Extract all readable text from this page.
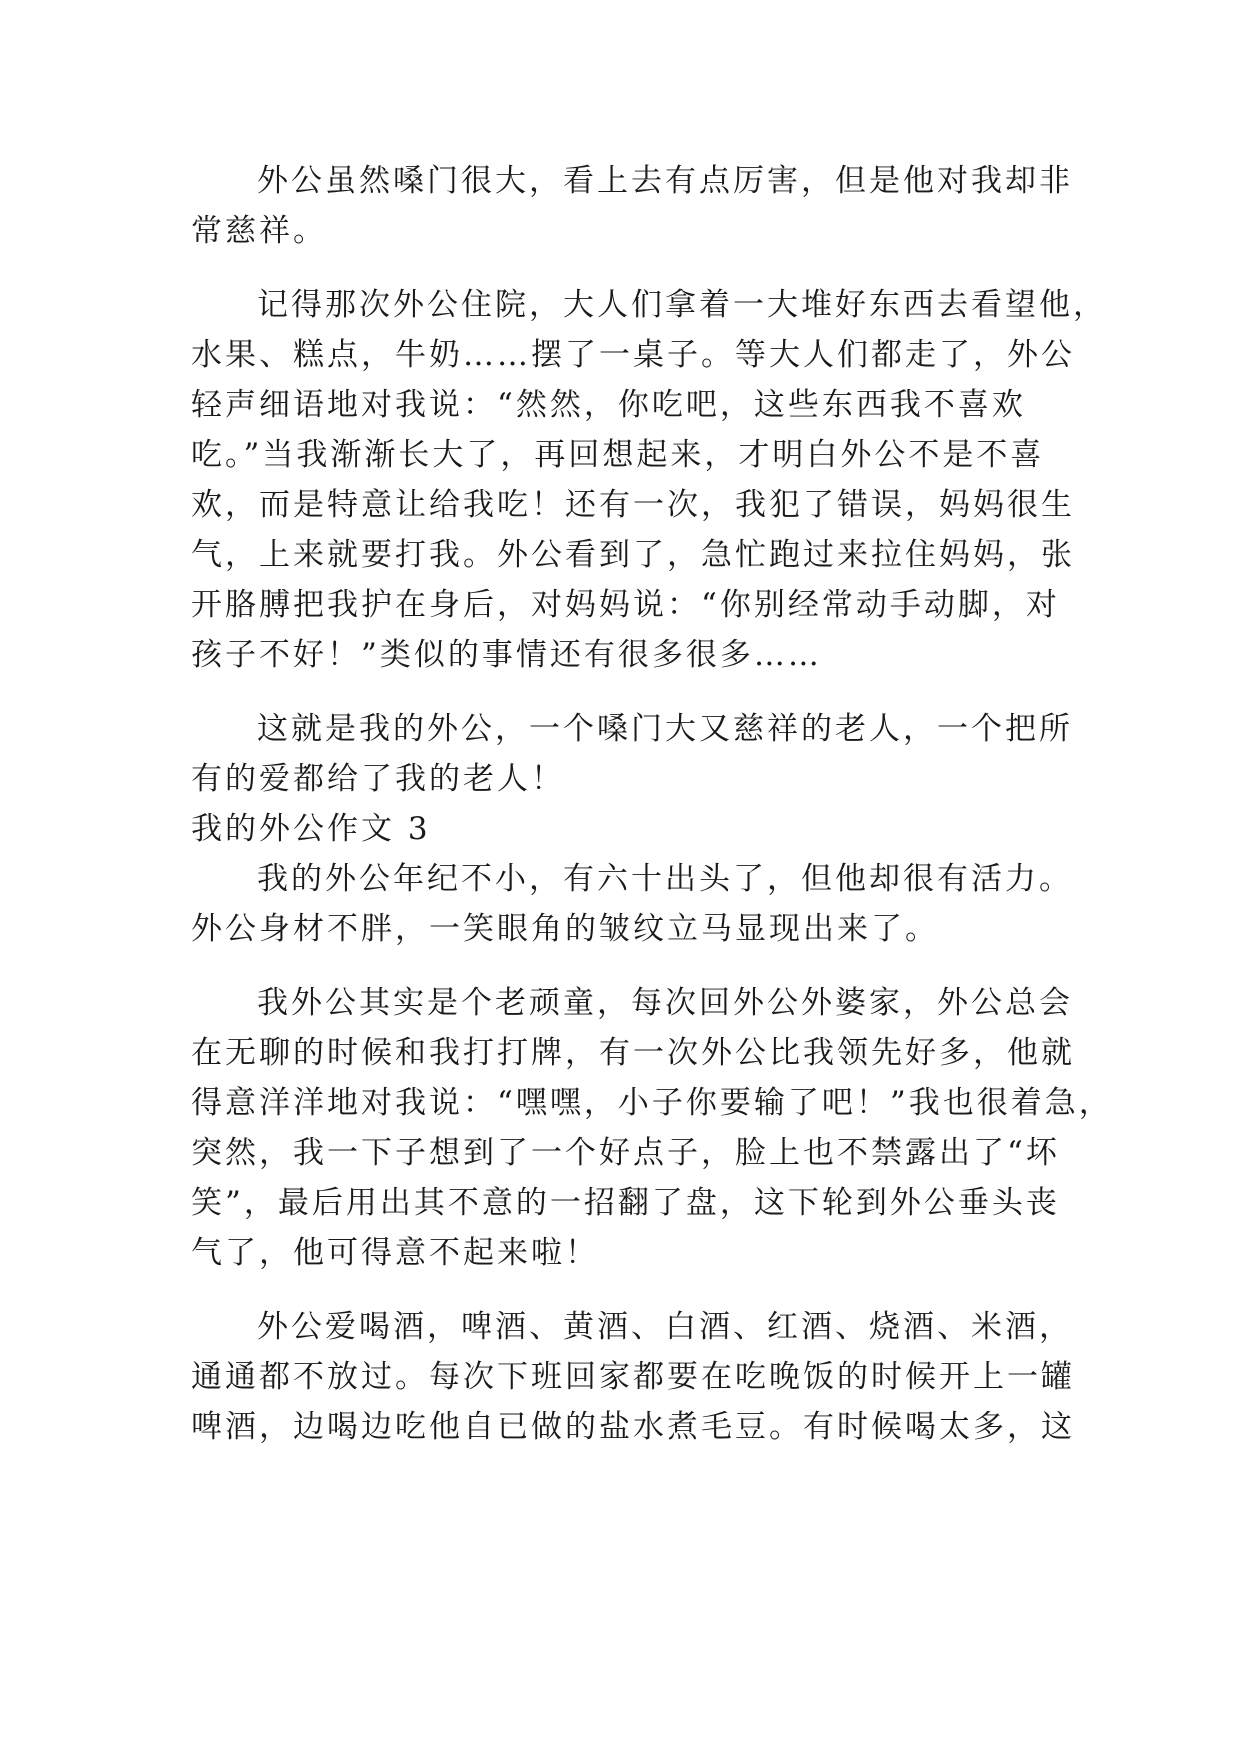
外公虽然嗓门很大，看上去有点厉害，但是他对我却非
常慈祥。
记得那次外公住院，大人们拿着一大堆好东西去看望他，
水果、糕点，牛奶……摆了一桌子。等大人们都走了，外公
轻声细语地对我说：“然然，你吃吧，这些东西我不喜欢
吃。”当我渐渐长大了，再回想起来，才明白外公不是不喜
欢，而是特意让给我吃！还有一次，我犯了错误，妈妈很生
气，上来就要打我。外公看到了，急忙跑过来拉住妈妈，张
开胳膊把我护在身后，对妈妈说：“你别经常动手动脚，对
孩子不好！”类似的事情还有很多很多……
这就是我的外公，一个嗓门大又慈祥的老人，一个把所
有的爱都给了我的老人！
我的外公作文 3
我的外公年纪不小，有六十出头了，但他却很有活力。
外公身材不胖，一笑眼角的皱纹立马显现出来了。
我外公其实是个老顽童，每次回外公外婆家，外公总会
在无聊的时候和我打打牌，有一次外公比我领先好多，他就
得意洋洋地对我说：“嘿嘿，小子你要输了吧！”我也很着急，
突然，我一下子想到了一个好点子，脸上也不禁露出了“坏
笑”，最后用出其不意的一招翻了盘，这下轮到外公垂头丧
气了，他可得意不起来啦！
外公爱喝酒，啤酒、黄酒、白酒、红酒、烧酒、米酒，
通通都不放过。每次下班回家都要在吃晚饭的时候开上一罐
啤酒，边喝边吃他自已做的盐水煮毛豆。有时候喝太多，这
